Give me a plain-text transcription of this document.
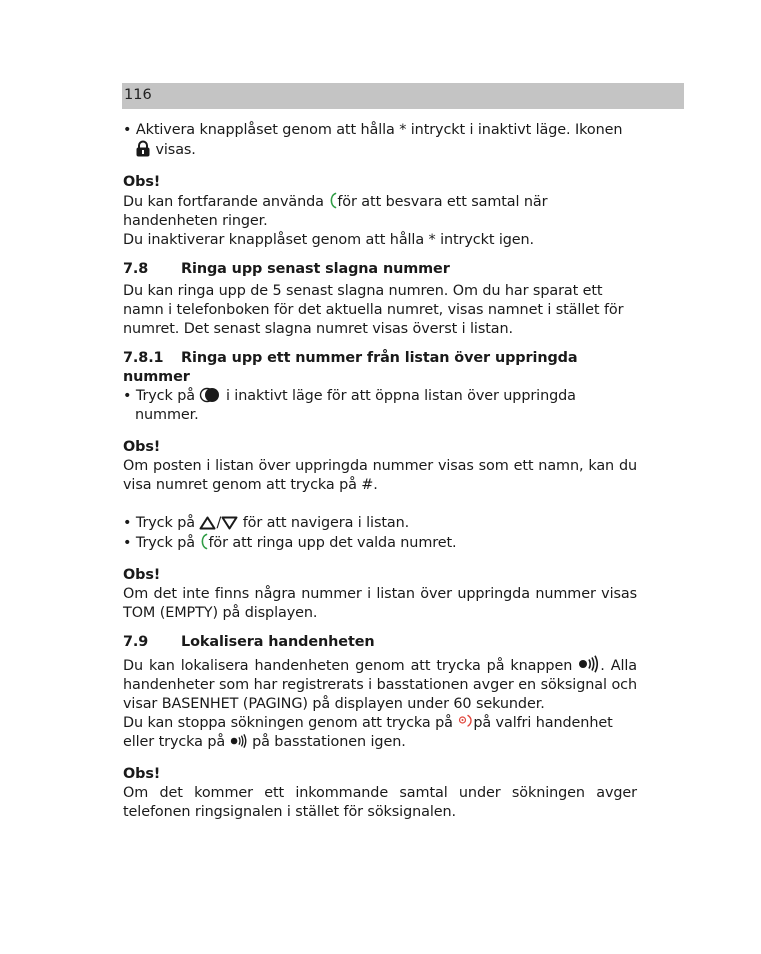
116

• Aktivera knapplåset genom att hålla * intryckt i inaktivt läge. Ikonen
visas.

Obs!

Du kan fortfarande använda för att besvara ett samtal när handenheten ringer.

Du inaktiverar knapplåset genom att hålla * intryckt igen.

7.8 Ringa upp senast slagna nummer

Du kan ringa upp de 5 senast slagna numren. Om du har sparat ett namn i telefonboken för det aktuella numret, visas namnet i stället för numret. Det senast slagna numret visas överst i listan.

7.8.1 Ringa upp ett nummer från listan över uppringda nummer

• Tryck på i inaktivt läge för att öppna listan över uppringda nummer.

Obs!

Om posten i listan över uppringda nummer visas som ett namn, kan du visa numret genom att trycka på #.

• Tryck på / för att navigera i listan.

• Tryck på för att ringa upp det valda numret.

Obs!

Om det inte finns några nummer i listan över uppringda nummer visas TOM (EMPTY) på displayen.

7.9 Lokalisera handenheten

Du kan lokalisera handenheten genom att trycka på knappen . Alla handenheter som har registrerats i basstationen avger en söksignal och visar BASENHET (PAGING) på displayen under 60 sekunder.

Du kan stoppa sökningen genom att trycka på på valfri handenhet eller trycka på på basstationen igen.

Obs!

Om det kommer ett inkommande samtal under sökningen avger telefonen ringsignalen i stället för söksignalen.
